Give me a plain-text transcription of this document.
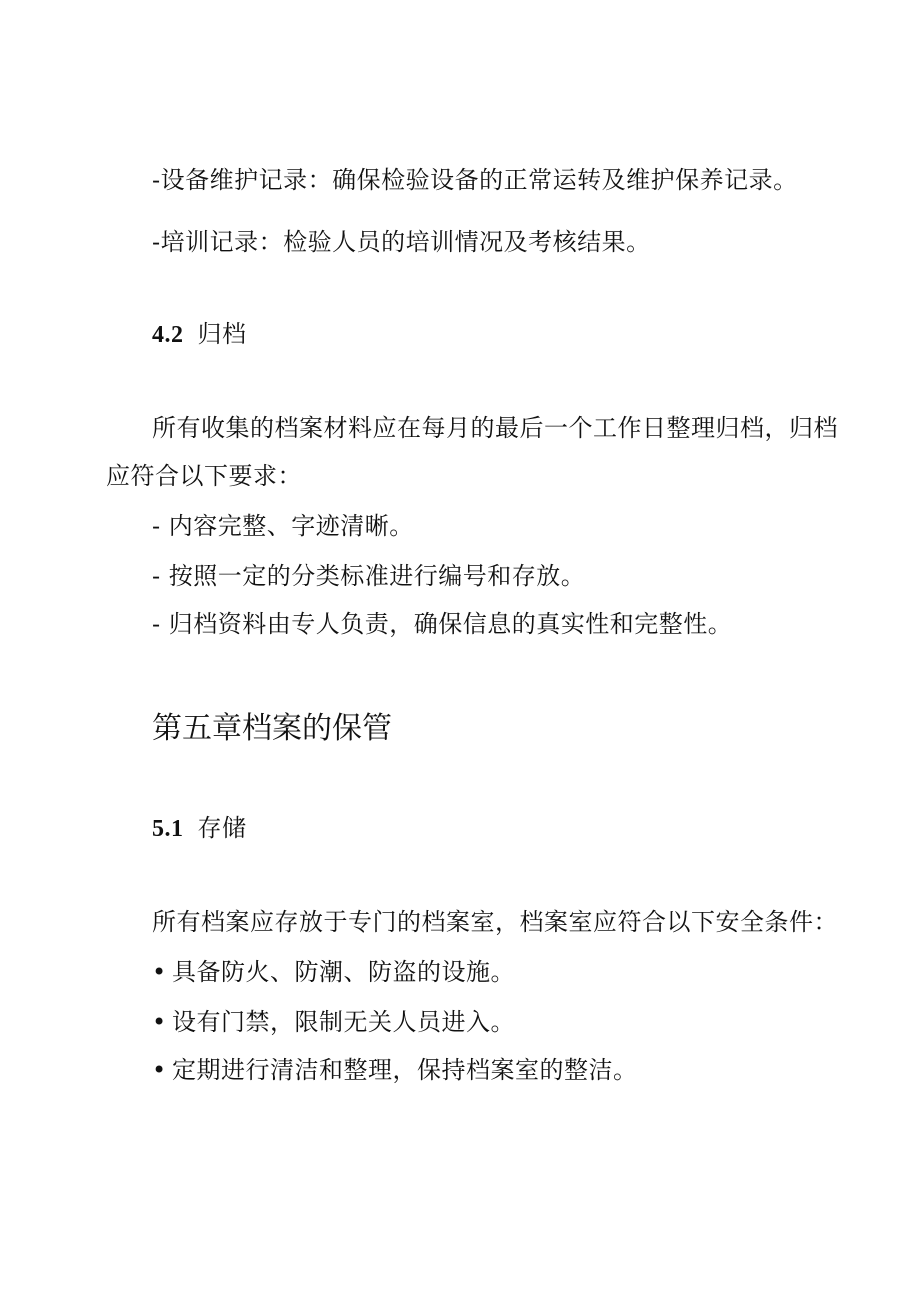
-设备维护记录：确保检验设备的正常运转及维护保养记录。
-培训记录：检验人员的培训情况及考核结果。
4.2 归档
所有收集的档案材料应在每月的最后一个工作日整理归档，归档
应符合以下要求：
- 内容完整、字迹清晰。
- 按照一定的分类标准进行编号和存放。
- 归档资料由专人负责，确保信息的真实性和完整性。
第五章档案的保管
5.1 存储
所有档案应存放于专门的档案室，档案室应符合以下安全条件：
• 具备防火、防潮、防盗的设施。
• 设有门禁，限制无关人员进入。
• 定期进行清洁和整理，保持档案室的整洁。
